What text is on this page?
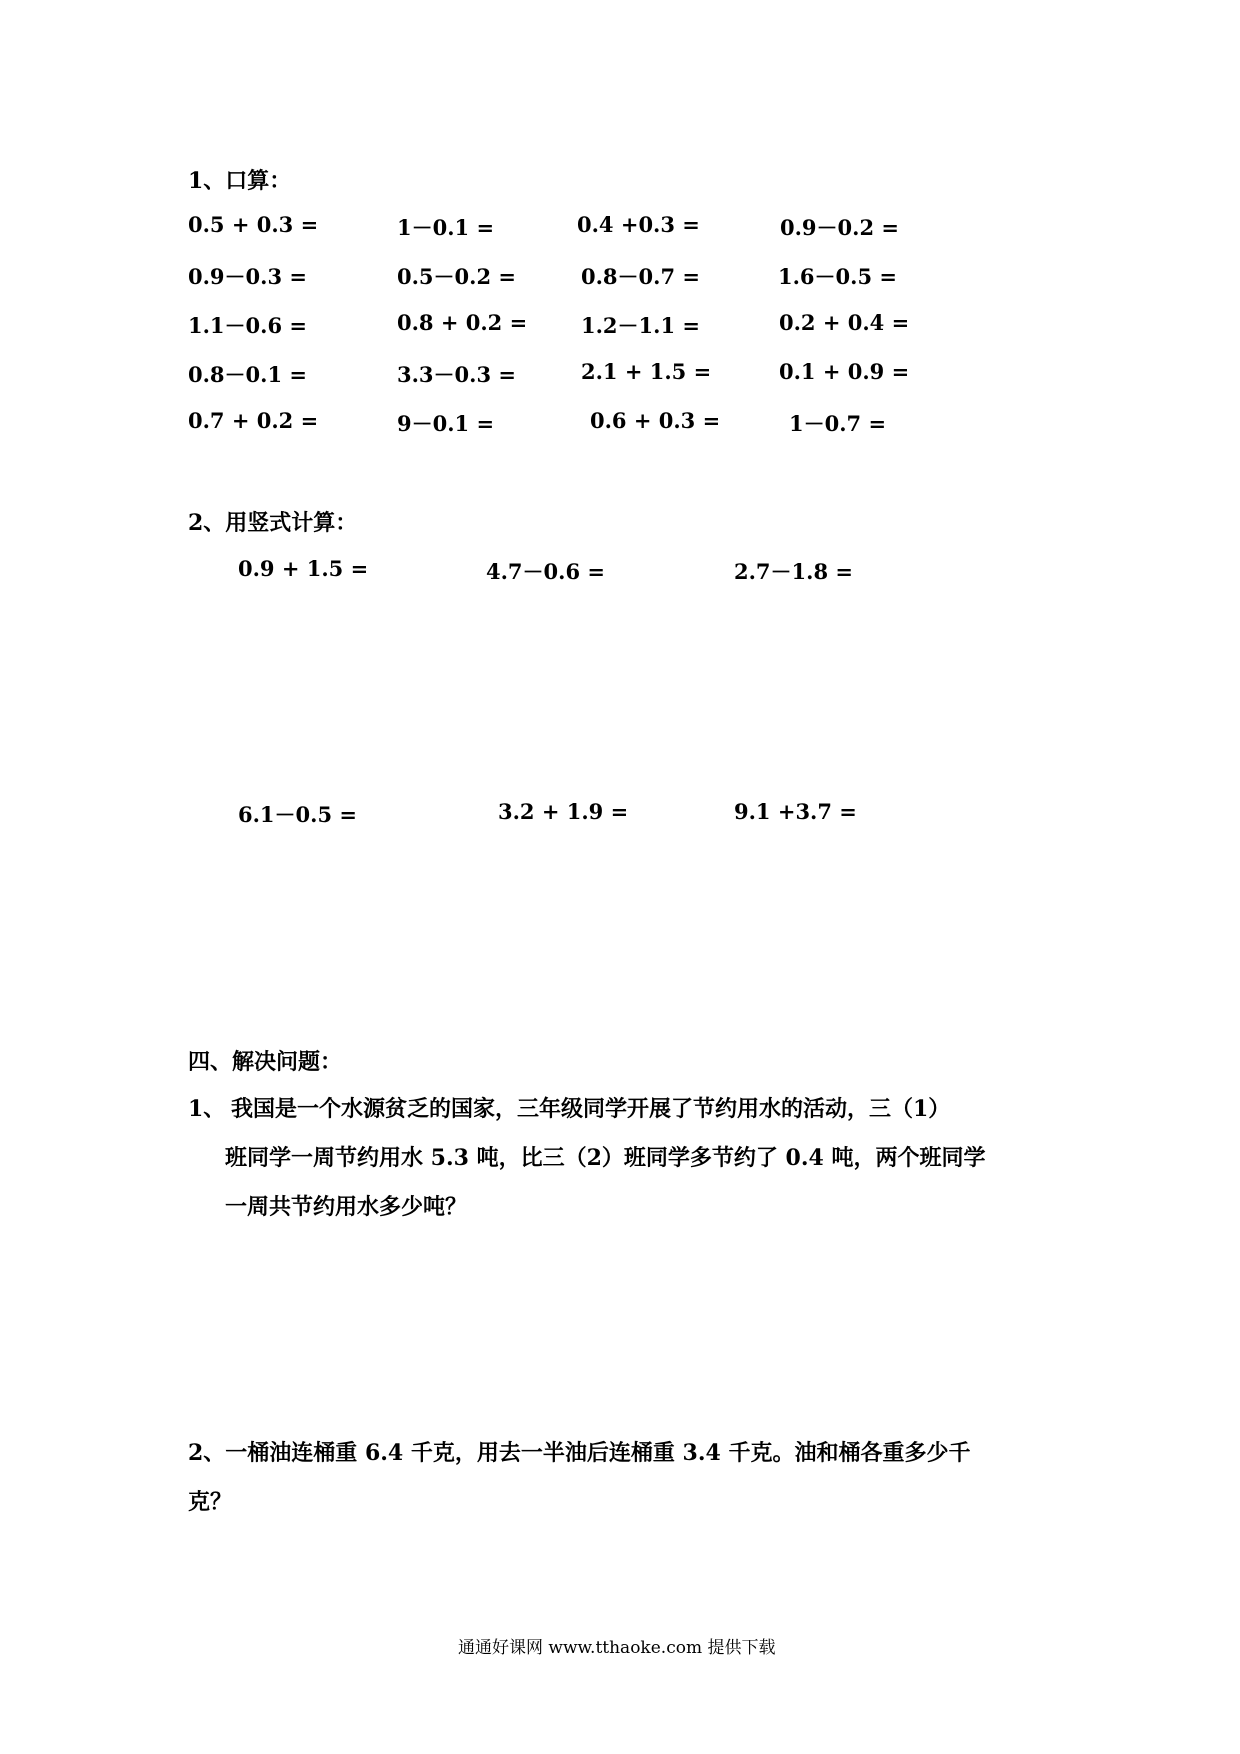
1、口算：
0.5 + 0.3 =	1－0.1 =	0.4 +0.3 =	0.9－0.2 =
0.9－0.3 =	0.5－0.2 =	0.8－0.7 =	1.6－0.5 =
1.1－0.6 =	0.8 + 0.2 =	1.2－1.1 =	0.2 + 0.4 =
0.8－0.1 =	3.3－0.3 =	2.1 + 1.5 =	0.1 + 0.9 =
0.7 + 0.2 =	9－0.1 =	0.6 + 0.3 =	1－0.7 =
2、用竖式计算：
0.9 + 1.5 =	4.7－0.6 =	2.7－1.8 =
6.1－0.5 =	3.2 + 1.9 =	9.1 +3.7 =
四、解决问题：
1、 我国是一个水源贫乏的国家，三年级同学开展了节约用水的活动，三（1）
班同学一周节约用水 5.3 吨，比三（2）班同学多节约了 0.4 吨，两个班同学
一周共节约用水多少吨？
2、一桶油连桶重 6.4 千克，用去一半油后连桶重 3.4 千克。油和桶各重多少千
克？
通通好课网 www.tthaoke.com 提供下载
